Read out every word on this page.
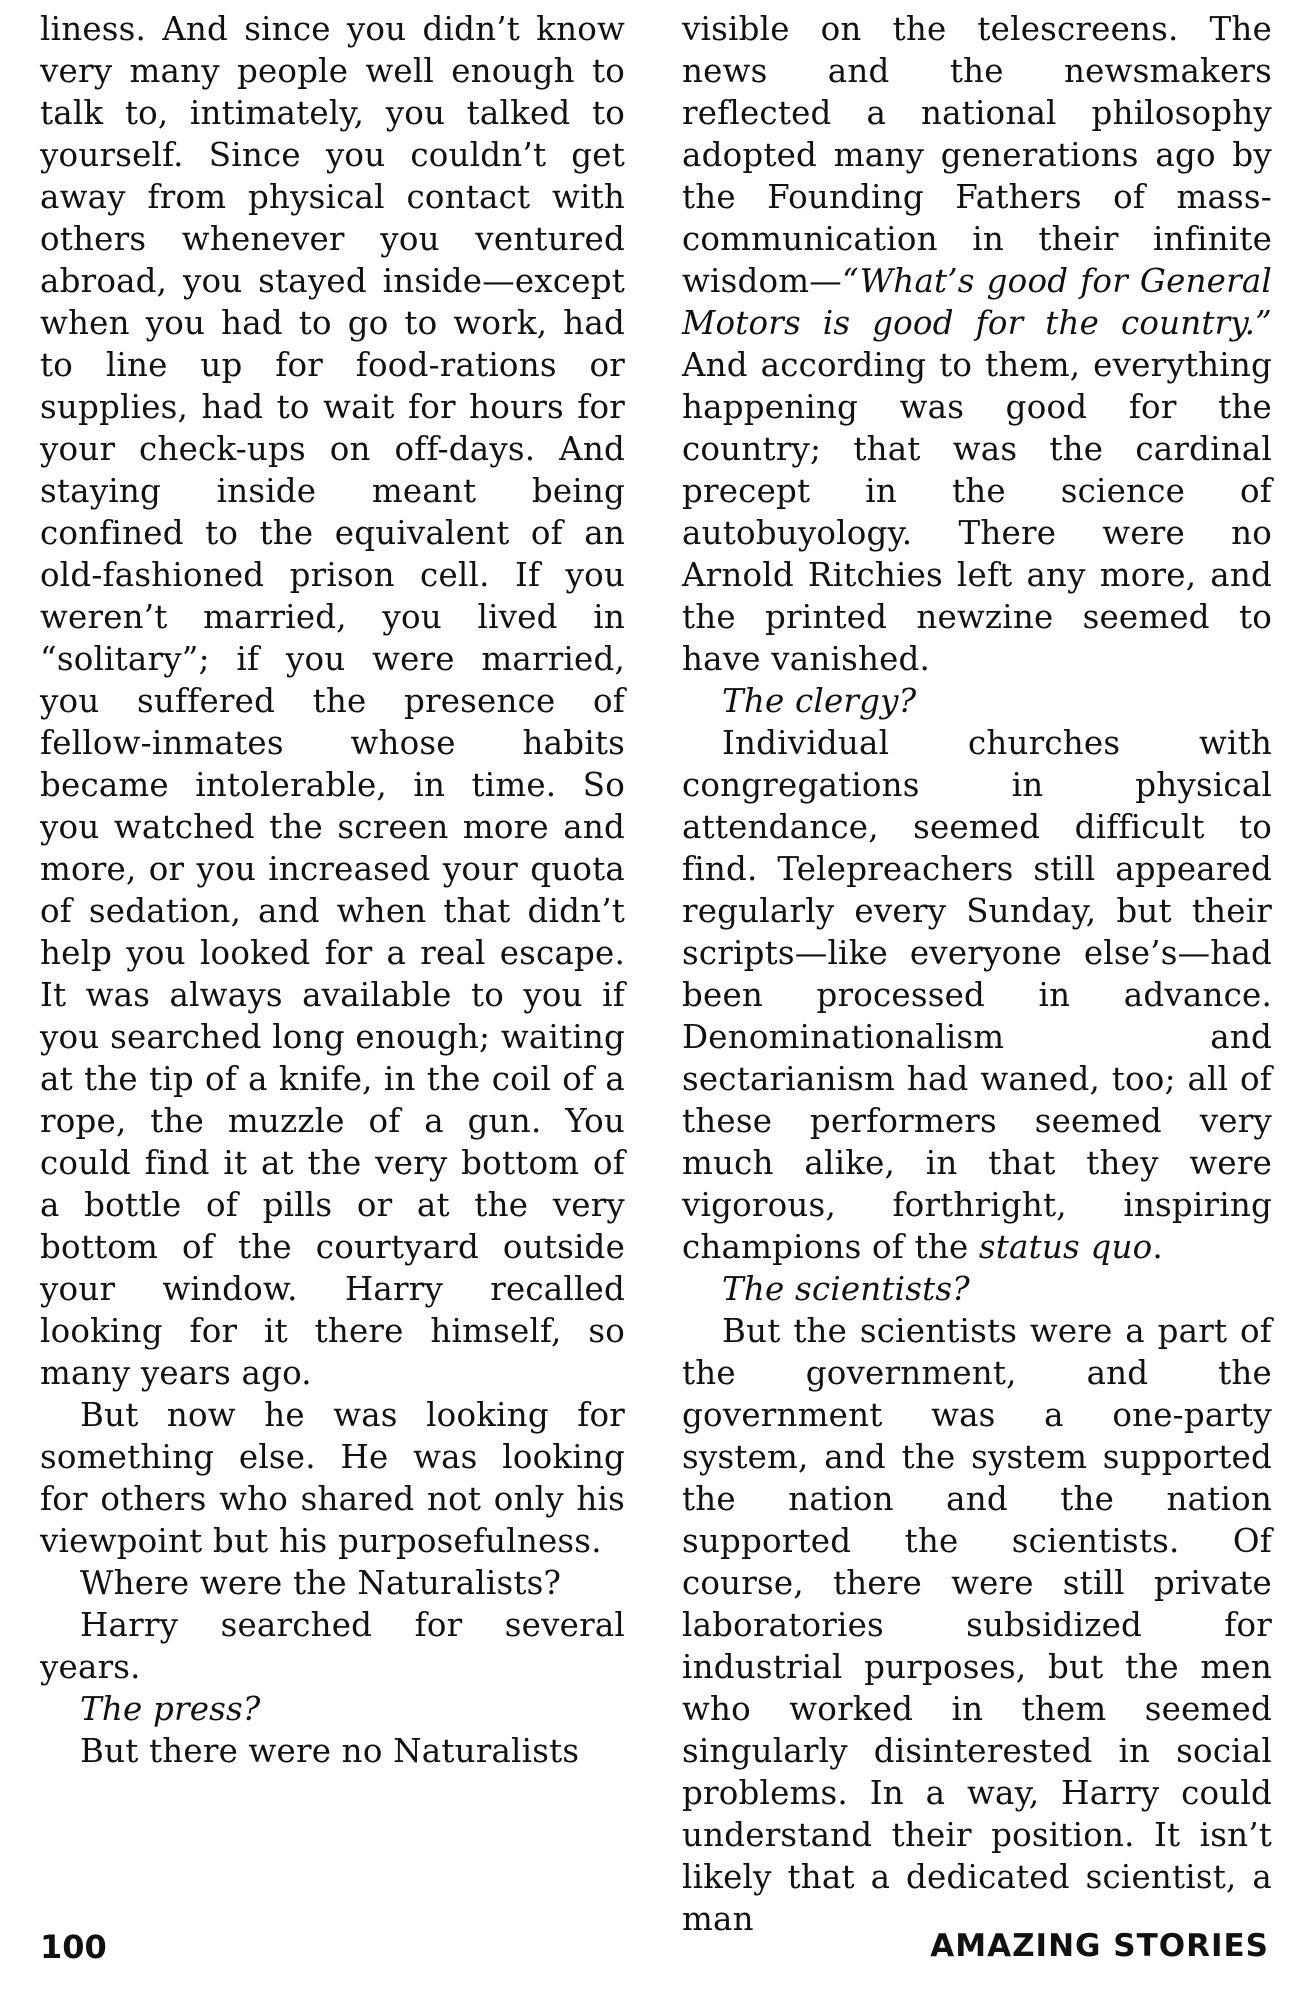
liness. And since you didn’t know very many people well enough to talk to, intimately, you talked to yourself. Since you couldn’t get away from physical contact with others whenever you ventured abroad, you stayed inside—except when you had to go to work, had to line up for food-rations or supplies, had to wait for hours for your check-ups on off-days. And staying inside meant being confined to the equivalent of an old-fashioned prison cell. If you weren’t married, you lived in “solitary”; if you were married, you suffered the presence of fellow-inmates whose habits became intolerable, in time. So you watched the screen more and more, or you increased your quota of sedation, and when that didn’t help you looked for a real escape. It was always available to you if you searched long enough; waiting at the tip of a knife, in the coil of a rope, the muzzle of a gun. You could find it at the very bottom of a bottle of pills or at the very bottom of the courtyard outside your window. Harry recalled looking for it there himself, so many years ago.

But now he was looking for something else. He was looking for others who shared not only his viewpoint but his purposefulness.

Where were the Naturalists?

Harry searched for several years.

The press?

But there were no Naturalists

visible on the telescreens. The news and the newsmakers reflected a national philosophy adopted many generations ago by the Founding Fathers of mass-communication in their infinite wisdom—“What’s good for General Motors is good for the country.” And according to them, everything happening was good for the country; that was the cardinal precept in the science of autobuyology. There were no Arnold Ritchies left any more, and the printed newzine seemed to have vanished.

The clergy?

Individual churches with congregations in physical attendance, seemed difficult to find. Telepreachers still appeared regularly every Sunday, but their scripts—like everyone else’s—had been processed in advance. Denominationalism and sectarianism had waned, too; all of these performers seemed very much alike, in that they were vigorous, forthright, inspiring champions of the status quo.

The scientists?

But the scientists were a part of the government, and the government was a one-party system, and the system supported the nation and the nation supported the scientists. Of course, there were still private laboratories subsidized for industrial purposes, but the men who worked in them seemed singularly disinterested in social problems. In a way, Harry could understand their position. It isn’t likely that a dedicated scientist, a man

100	AMAZING STORIES
